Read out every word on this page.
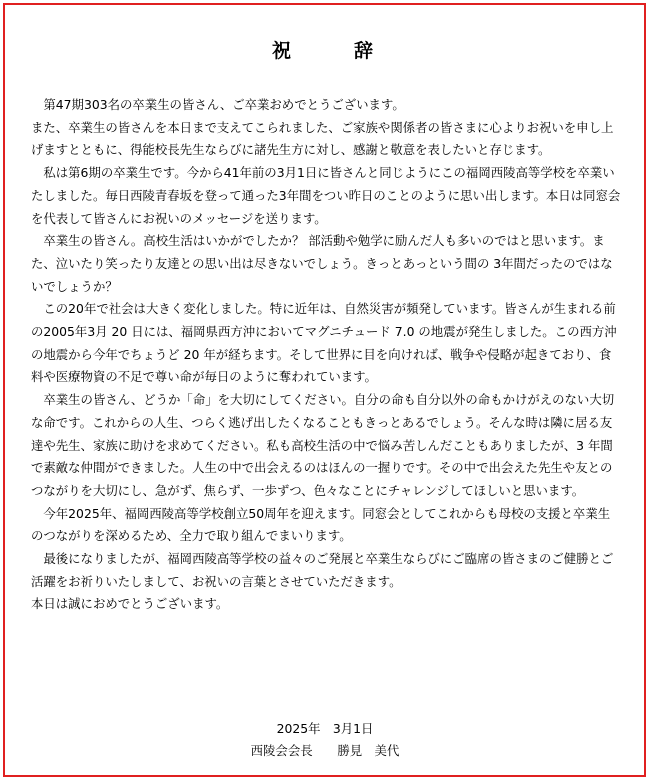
祝　辞

　第47期303名の卒業生の皆さん、ご卒業おめでとうございます。

また、卒業生の皆さんを本日まで支えてこられました、ご家族や関係者の皆さまに心よりお祝いを申し上げますとともに、得能校長先生ならびに諸先生方に対し、感謝と敬意を表したいと存じます。

　私は第6期の卒業生です。今から41年前の3月1日に皆さんと同じようにこの福岡西陵高等学校を卒業いたしました。毎日西陵青春坂を登って通った3年間をつい昨日のことのように思い出します。本日は同窓会を代表して皆さんにお祝いのメッセージを送ります。

　卒業生の皆さん。高校生活はいかがでしたか？ 部活動や勉学に励んだ人も多いのではと思います。また、泣いたり笑ったり友達との思い出は尽きないでしょう。きっとあっという間の 3年間だったのではないでしょうか？

　この20年で社会は大きく変化しました。特に近年は、自然災害が頻発しています。皆さんが生まれる前の2005年3月 20 日には、福岡県西方沖においてマグニチュード 7.0 の地震が発生しました。この西方沖の地震から今年でちょうど 20 年が経ちます。そして世界に目を向ければ、戦争や侵略が起きており、食料や医療物資の不足で尊い命が毎日のように奪われています。

　卒業生の皆さん、どうか「命」を大切にしてください。自分の命も自分以外の命もかけがえのない大切な命です。これからの人生、つらく逃げ出したくなることもきっとあるでしょう。そんな時は隣に居る友達や先生、家族に助けを求めてください。私も高校生活の中で悩み苦しんだこともありましたが、3 年間で素敵な仲間ができました。人生の中で出会えるのはほんの一握りです。その中で出会えた先生や友とのつながりを大切にし、急がず、焦らず、一歩ずつ、色々なことにチャレンジしてほしいと思います。

　今年2025年、福岡西陵高等学校創立50周年を迎えます。同窓会としてこれからも母校の支援と卒業生のつながりを深めるため、全力で取り組んでまいります。

　最後になりましたが、福岡西陵高等学校の益々のご発展と卒業生ならびにご臨席の皆さまのご健勝とご活躍をお祈りいたしまして、お祝いの言葉とさせていただきます。

本日は誠におめでとうございます。

2025年　3月1日
西陵会会長　　勝見　美代
